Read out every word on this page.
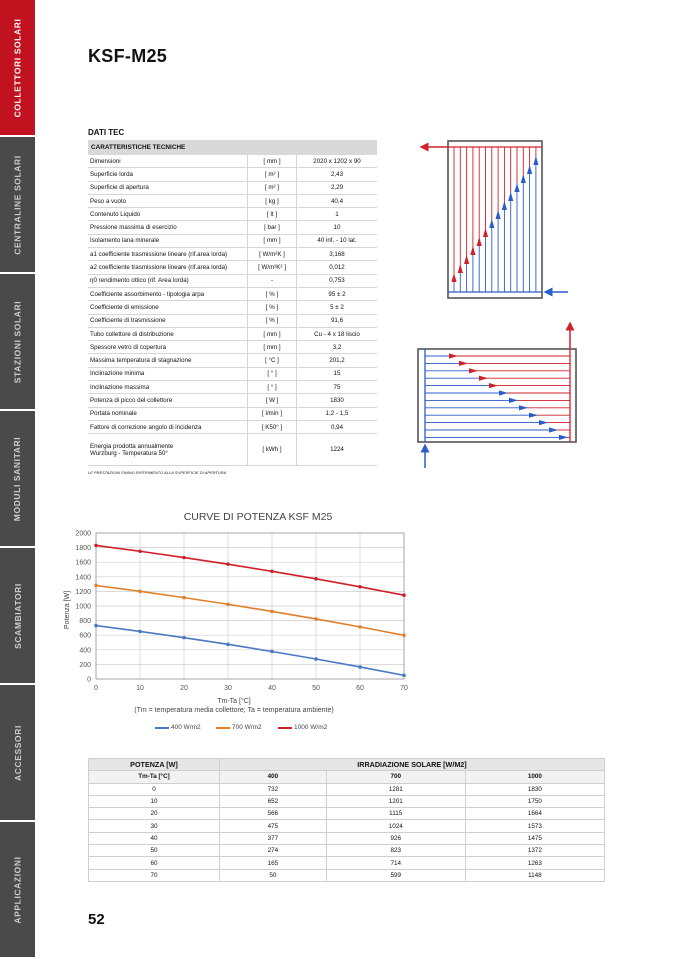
COLLETTORI SOLARI
CENTRALINE SOLARI
STAZIONI SOLARI
MODULI SANITARI
SCAMBIATORI
ACCESSORI
APPLICAZIONI
KSF-M25
DATI TEC
CARATTERISTICHE TECNICHE		
Dimensioni	[ mm ]	2020 x 1202 x 90
Superficie lorda	[ m² ]	2,43
Superficie di apertura	[ m² ]	2,29
Peso a vuoto	[ kg ]	40,4
Contenuto Liquido	[ lt ]	1
Pressione massima di esercizio	[ bar ]	10
Isolamento lana minerale	[ mm ]	40 inf. - 10 lat.
a1 coefficiente trasmissione lineare (rif.area lorda)	[ W/m²K ]	3,168
a2 coefficiente trasmissione lineare (rif.area lorda)	[ W/m²K² ]	0,012
η0 rendimento ottico (rif. Area lorda)	-	0,753
Coefficiente assorbimento - tipologia arpa	[ % ]	95 ± 2
Coefficiente di emissione	[ % ]	5 ± 2
Coefficiente di trasmissione	[ % ]	91,6
Tubo collettore di distribuzione	[ mm ]	Cu - 4 x 18 liscio
Spessore vetro di copertura	[ mm ]	3,2
Massima temperatura di stagnazione	[ °C ]	201,2
Inclinazione minima	[ ° ]	15
Inclinazione massima	[ ° ]	75
Potenza di picco del collettore	[ W ]	1830
Portata nominale	[ l/min ]	1,2 - 1,5
Fattore di correzione angolo di incidenza	[ K50° ]	0,94

Energia prodotta annualmente
Wurzburg - Temperatura 50°	[ kWh ]	1224
LE PRESTAZIONI FANNO RIFERIMENTO ALLA SUPERFICIE DI APERTURA
CURVE DI POTENZA KSF M25
0
200
400
600
800
1000
1200
1400
1600
1800
2000
0	10	20	30	40	50	60	70
Potenza [W]
Tm-Ta [°C]
(Tm = temperatura media collettore; Ta = temperatura ambiente)
400 W/m2	700 W/m2	1000 W/m2
POTENZA [W]	IRRADIAZIONE SOLARE [W/M2]		
Tm-Ta [°C]	400	700	1000
0	732	1281	1830
10	652	1201	1750
20	566	1115	1664
30	475	1024	1573
40	377	926	1475
50	274	823	1372
60	165	714	1263
70	50	599	1148
52
